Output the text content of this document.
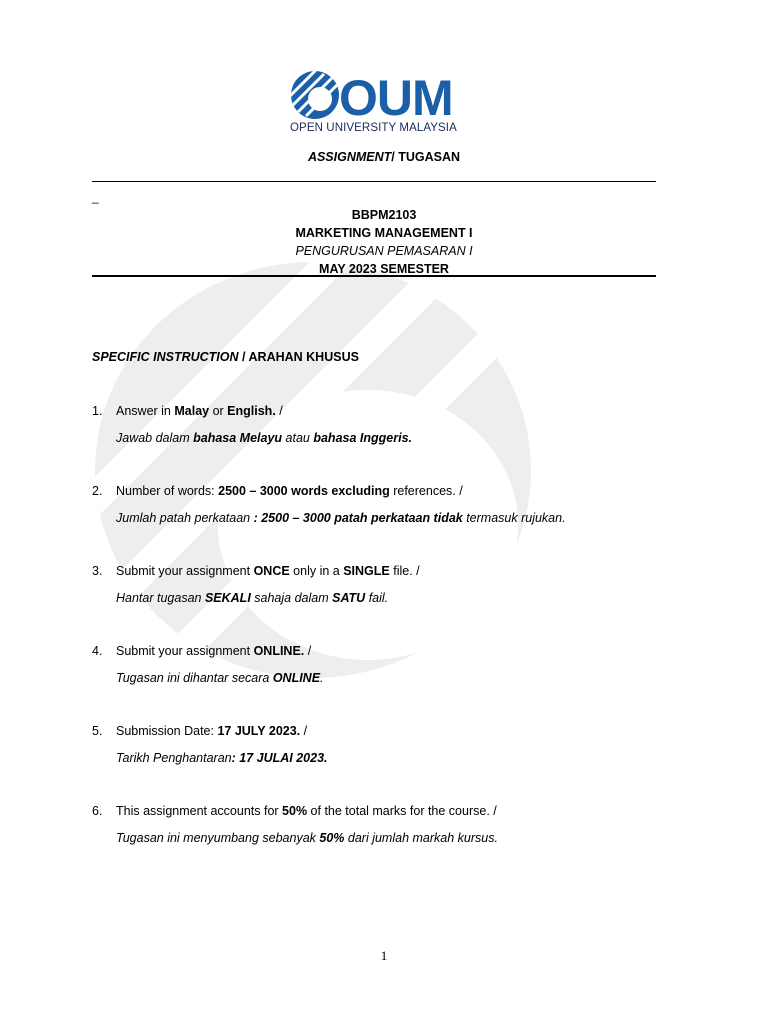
OUM
OPEN UNIVERSITY MALAYSIA
ASSIGNMENT/ TUGASAN
_
BBPM2103
MARKETING MANAGEMENT I
PENGURUSAN PEMASARAN I
MAY 2023 SEMESTER
SPECIFIC INSTRUCTION / ARAHAN KHUSUS
1. Answer in Malay or English. /
Jawab dalam bahasa Melayu atau bahasa Inggeris.
2. Number of words: 2500 – 3000 words excluding references. /
Jumlah patah perkataan : 2500 – 3000 patah perkataan tidak termasuk rujukan.
3. Submit your assignment ONCE only in a SINGLE file. /
Hantar tugasan SEKALI sahaja dalam SATU fail.
4. Submit your assignment ONLINE. /
Tugasan ini dihantar secara ONLINE.
5. Submission Date: 17 JULY 2023. /
Tarikh Penghantaran: 17 JULAI 2023.
6. This assignment accounts for 50% of the total marks for the course. /
Tugasan ini menyumbang sebanyak 50% dari jumlah markah kursus.
1
